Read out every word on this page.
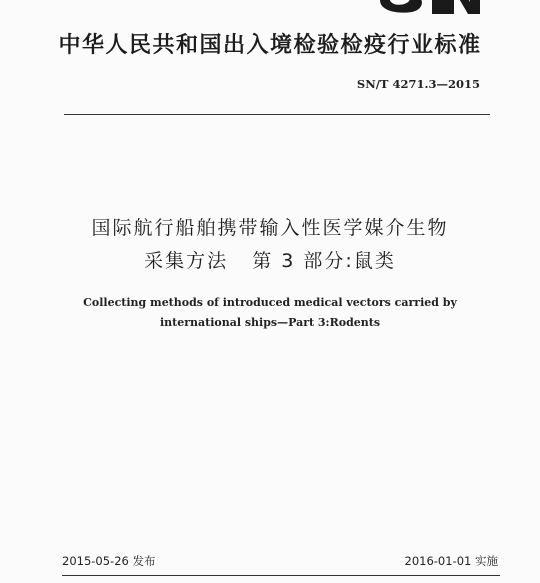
中华人民共和国出入境检验检疫行业标准
SN/T 4271.3—2015
国际航行船舶携带输入性医学媒介生物
采集方法   第 3 部分:鼠类
Collecting methods of introduced medical vectors carried by
international ships—Part 3:Rodents
2015-05-26 发布	2016-01-01 实施
